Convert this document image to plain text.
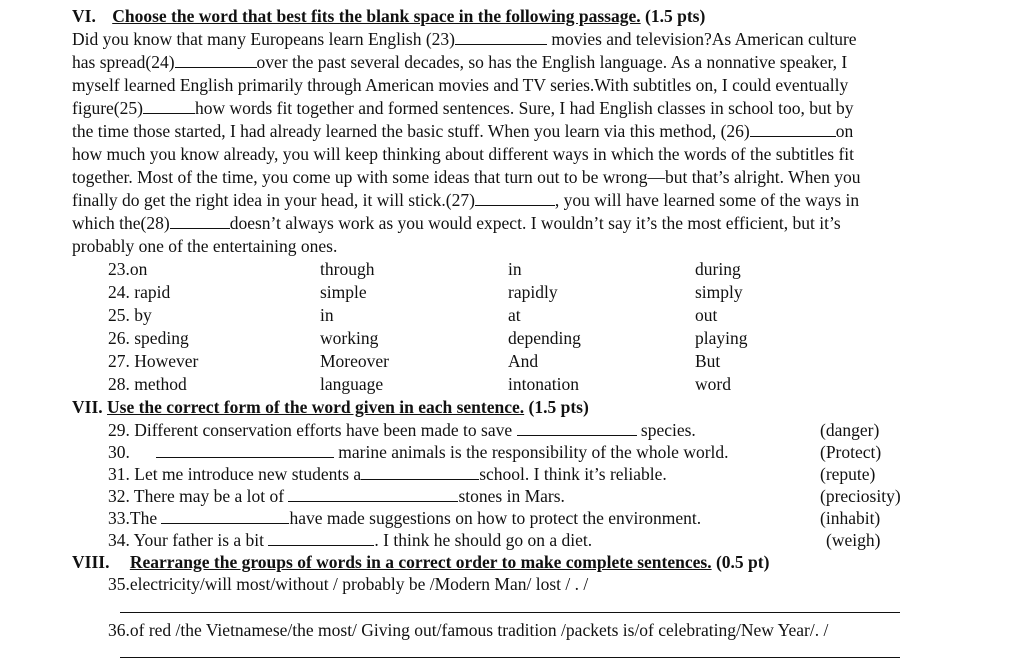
VI. Choose the word that best fits the blank space in the following passage. (1.5 pts)
Did you know that many Europeans learn English (23)	movies and television?As American culture
has spread(24)	over the past several decades, so has the English language. As a nonnative speaker, I
myself learned English primarily through American movies and TV series.With subtitles on, I could eventually
figure(25)	how words fit together and formed sentences. Sure, I had English classes in school too, but by
the time those started, I had already learned the basic stuff. When you learn via this method, (26)	on
how much you know already, you will keep thinking about different ways in which the words of the subtitles fit
together. Most of the time, you come up with some ideas that turn out to be wrong—but that’s alright. When you
finally do get the right idea in your head, it will stick.(27)	, you will have learned some of the ways in
which the(28)	doesn’t always work as you would expect. I wouldn’t say it’s the most efficient, but it’s
probably one of the entertaining ones.
23.on	through	in	during
24. rapid	simple	rapidly	simply
25. by	in	at	out
26. speding	working	depending	playing
27. However	Moreover	And	But
28. method	language	intonation	word
VII. Use the correct form of the word given in each sentence. (1.5 pts)
29. Different conservation efforts have been made to save	species.	(danger)
30.	marine animals is the responsibility of the whole world.	(Protect)
31. Let me introduce new students a	school. I think it’s reliable.	(repute)
32. There may be a lot of	stones in Mars.	(preciosity)
33.The	have made suggestions on how to protect the environment.	(inhabit)
34. Your father is a bit	. I think he should go on a diet.	(weigh)
VIII. Rearrange the groups of words in a correct order to make complete sentences. (0.5 pt)
35.electricity/will most/without / probably be /Modern Man/ lost / . /
36.of red /the Vietnamese/the most/ Giving out/famous tradition /packets is/of celebrating/New Year/. /
